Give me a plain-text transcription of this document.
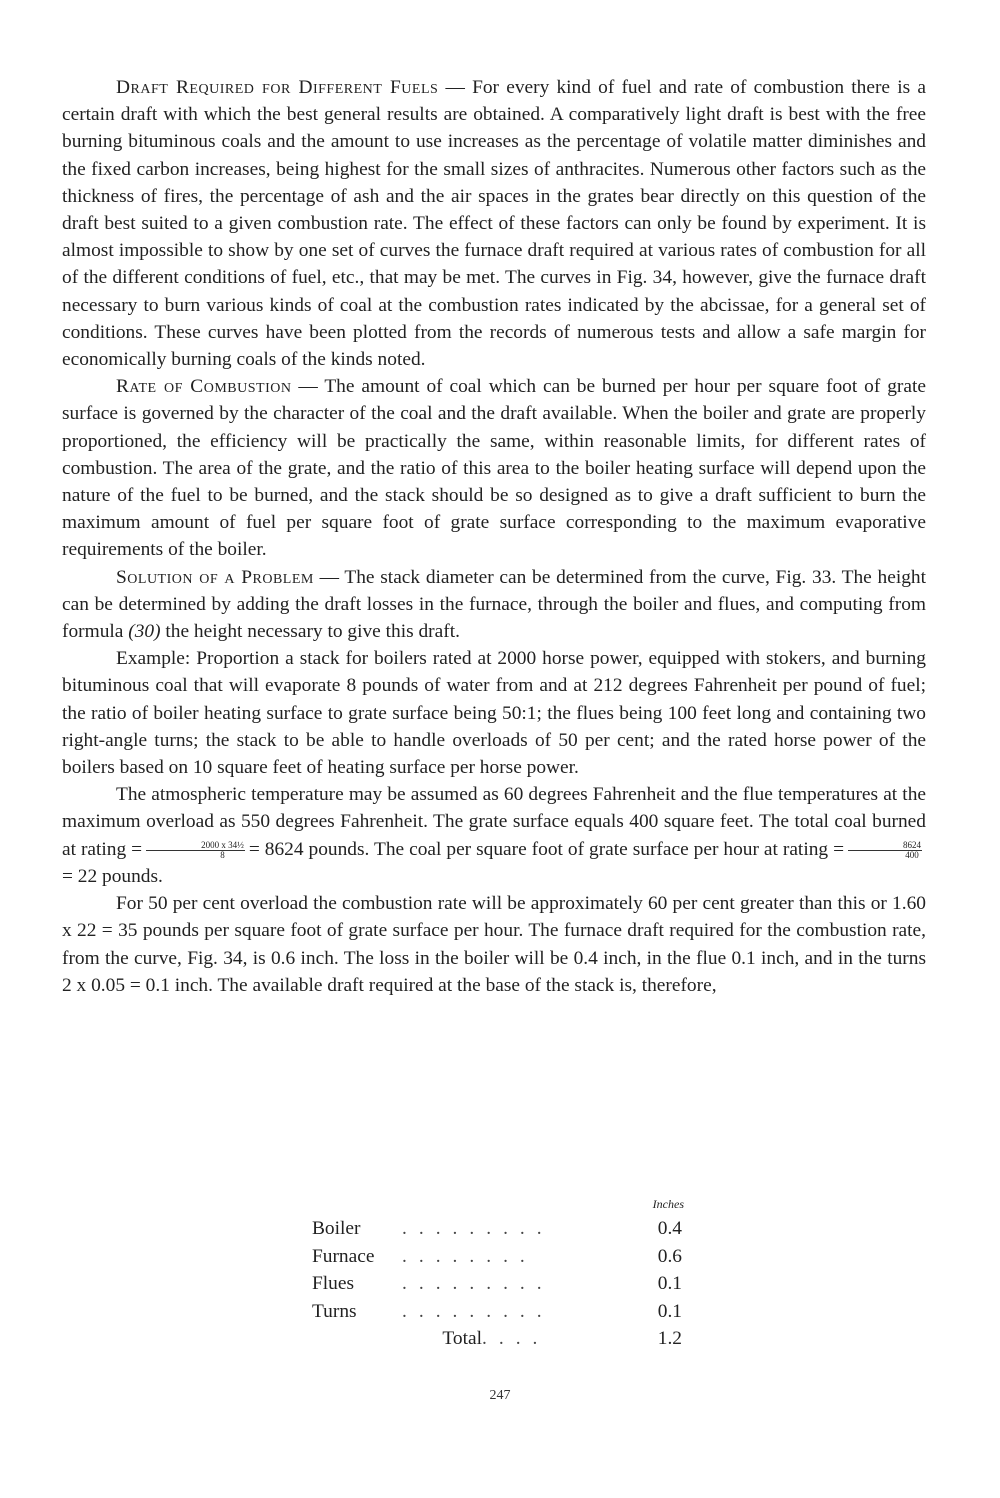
Draft Required for Different Fuels — For every kind of fuel and rate of combustion there is a certain draft with which the best general results are obtained. A comparatively light draft is best with the free burning bituminous coals and the amount to use increases as the percentage of volatile matter diminishes and the fixed carbon increases, being highest for the small sizes of anthracites. Numerous other factors such as the thickness of fires, the percentage of ash and the air spaces in the grates bear directly on this question of the draft best suited to a given combustion rate. The effect of these factors can only be found by experiment. It is almost impossible to show by one set of curves the furnace draft required at various rates of combustion for all of the different conditions of fuel, etc., that may be met. The curves in Fig. 34, however, give the furnace draft necessary to burn various kinds of coal at the combustion rates indicated by the abcissae, for a general set of conditions. These curves have been plotted from the records of numerous tests and allow a safe margin for economically burning coals of the kinds noted.

Rate of Combustion — The amount of coal which can be burned per hour per square foot of grate surface is governed by the character of the coal and the draft available. When the boiler and grate are properly proportioned, the efficiency will be practically the same, within reasonable limits, for different rates of combustion. The area of the grate, and the ratio of this area to the boiler heating surface will depend upon the nature of the fuel to be burned, and the stack should be so designed as to give a draft sufficient to burn the maximum amount of fuel per square foot of grate surface corresponding to the maximum evaporative requirements of the boiler.

Solution of a Problem — The stack diameter can be determined from the curve, Fig. 33. The height can be determined by adding the draft losses in the furnace, through the boiler and flues, and computing from formula (30) the height necessary to give this draft.

Example: Proportion a stack for boilers rated at 2000 horse power, equipped with stokers, and burning bituminous coal that will evaporate 8 pounds of water from and at 212 degrees Fahrenheit per pound of fuel; the ratio of boiler heating surface to grate surface being 50:1; the flues being 100 feet long and containing two right-angle turns; the stack to be able to handle overloads of 50 per cent; and the rated horse power of the boilers based on 10 square feet of heating surface per horse power.

The atmospheric temperature may be assumed as 60 degrees Fahrenheit and the flue temperatures at the maximum overload as 550 degrees Fahrenheit. The grate surface equals 400 square feet. The total coal burned at rating = $\frac{\text{2000 x 34½}}{8} = 8624$ pounds. The coal per square foot of grate surface per hour at rating = $\frac{8624}{400}$
= 22 pounds.

For 50 per cent overload the combustion rate will be approximately 60 per cent greater than this or 1.60 x 22 = 35 pounds per square foot of grate surface per hour. The furnace draft required for the combustion rate, from the curve, Fig. 34, is 0.6 inch. The loss in the boiler will be 0.4 inch, in the flue 0.1 inch, and in the turns 2 x 0.05 = 0.1 inch. The available draft required at the base of the stack is, therefore,

Inches
Boiler	.........	0.4
Furnace	........	0.6
Flues	.........	0.1
Turns	.........	0.1
Total ....	1.2
247
